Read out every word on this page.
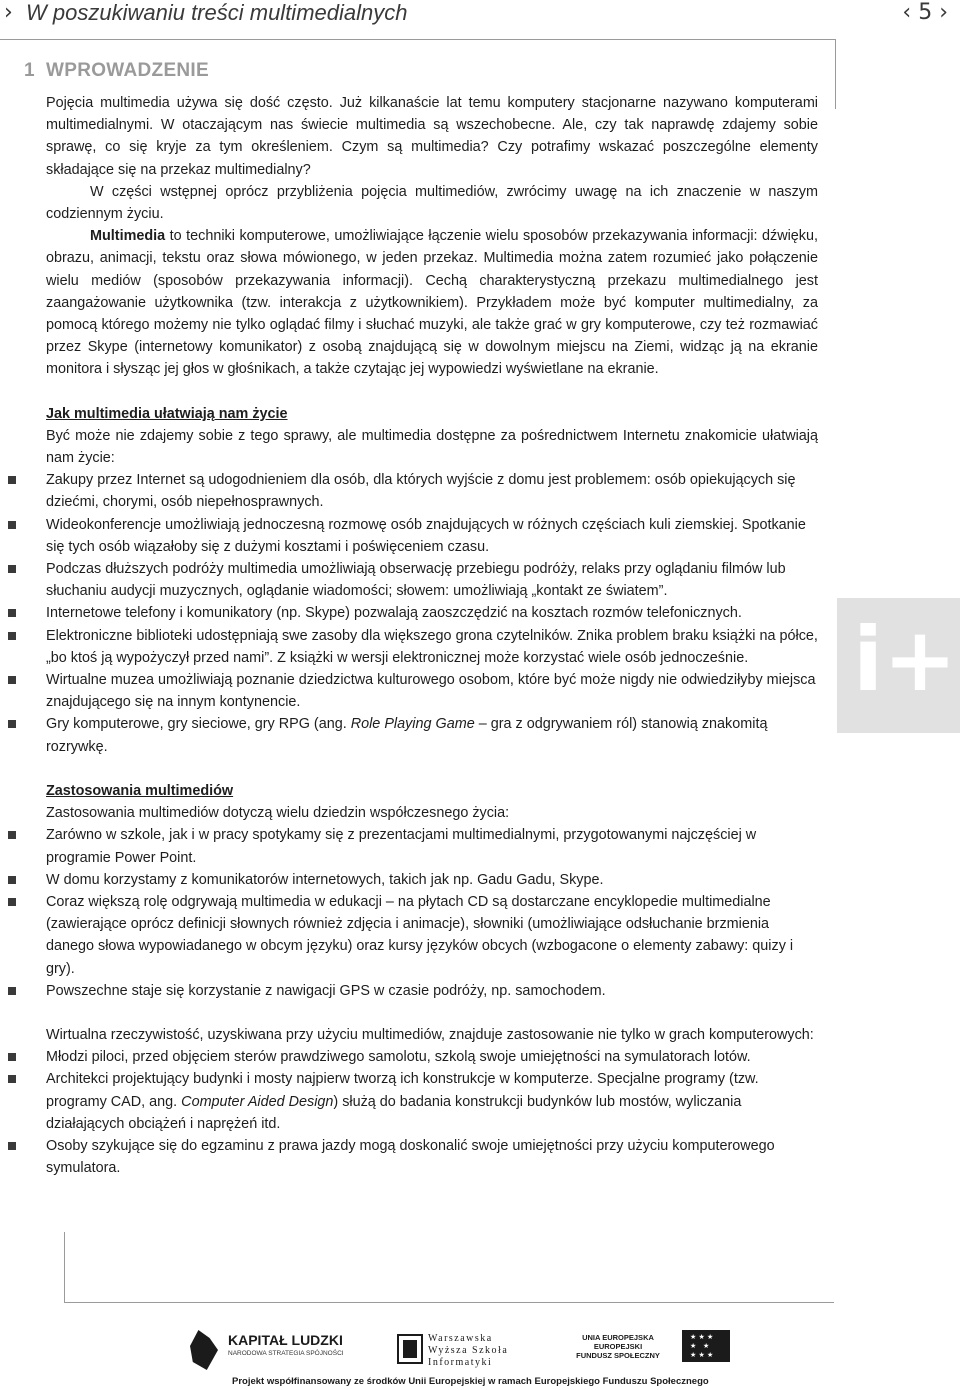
› W poszukiwaniu treści multimedialnych	‹ 5 ›
1 WPROWADZENIE

Pojęcia multimedia używa się dość często. Już kilkanaście lat temu komputery stacjonarne nazywano komputerami multimedialnymi. W otaczającym nas świecie multimedia są wszechobecne. Ale, czy tak naprawdę zdajemy sobie sprawę, co się kryje za tym określeniem. Czym są multimedia? Czy potrafimy wskazać poszczególne elementy składające się na przekaz multimedialny?

W części wstępnej oprócz przybliżenia pojęcia multimediów, zwrócimy uwagę na ich znaczenie w naszym codziennym życiu.

Multimedia to techniki komputerowe, umożliwiające łączenie wielu sposobów przekazywania informacji: dźwięku, obrazu, animacji, tekstu oraz słowa mówionego, w jeden przekaz. Multimedia można zatem rozumieć jako połączenie wielu mediów (sposobów przekazywania informacji). Cechą charakterystyczną przekazu multimedialnego jest zaangażowanie użytkownika (tzw. interakcja z użytkownikiem). Przykładem może być komputer multimedialny, za pomocą którego możemy nie tylko oglądać filmy i słuchać muzyki, ale także grać w gry komputerowe, czy też rozmawiać przez Skype (internetowy komunikator) z osobą znajdującą się w dowolnym miejscu na Ziemi, widząc ją na ekranie monitora i słysząc jej głos w głośnikach, a także czytając jej wypowiedzi wyświetlane na ekranie.

Jak multimedia ułatwiają nam życie

Być może nie zdajemy sobie z tego sprawy, ale multimedia dostępne za pośrednictwem Internetu znakomicie ułatwiają nam życie:

Zakupy przez Internet są udogodnieniem dla osób, dla których wyjście z domu jest problemem: osób opiekujących się dziećmi, chorymi, osób niepełnosprawnych.
Wideokonferencje umożliwiają jednoczesną rozmowę osób znajdujących w różnych częściach kuli ziemskiej. Spotkanie się tych osób wiązałoby się z dużymi kosztami i poświęceniem czasu.
Podczas dłuższych podróży multimedia umożliwiają obserwację przebiegu podróży, relaks przy oglądaniu filmów lub słuchaniu audycji muzycznych, oglądanie wiadomości; słowem: umożliwiają „kontakt ze światem”.
Internetowe telefony i komunikatory (np. Skype) pozwalają zaoszczędzić na kosztach rozmów telefonicznych.
Elektroniczne biblioteki udostępniają swe zasoby dla większego grona czytelników. Znika problem braku książki na półce, „bo ktoś ją wypożyczył przed nami”. Z książki w wersji elektronicznej może korzystać wiele osób jednocześnie.
Wirtualne muzea umożliwiają poznanie dziedzictwa kulturowego osobom, które być może nigdy nie odwiedziłyby miejsca znajdującego się na innym kontynencie.
Gry komputerowe, gry sieciowe, gry RPG (ang. Role Playing Game – gra z odgrywaniem ról) stanowią znakomitą rozrywkę.

Zastosowania multimediów

Zastosowania multimediów dotyczą wielu dziedzin współczesnego życia:

Zarówno w szkole, jak i w pracy spotykamy się z prezentacjami multimedialnymi, przygotowanymi najczęściej w programie Power Point.
W domu korzystamy z komunikatorów internetowych, takich jak np. Gadu Gadu, Skype.
Coraz większą rolę odgrywają multimedia w edukacji – na płytach CD są dostarczane encyklopedie multimedialne (zawierające oprócz definicji słownych również zdjęcia i animacje), słowniki (umożliwiające odsłuchanie brzmienia danego słowa wypowiadanego w obcym języku) oraz kursy języków obcych (wzbogacone o elementy zabawy: quizy i gry).
Powszechne staje się korzystanie z nawigacji GPS w czasie podróży, np. samochodem.

Wirtualna rzeczywistość, uzyskiwana przy użyciu multimediów, znajduje zastosowanie nie tylko w grach komputerowych:

Młodzi piloci, przed objęciem sterów prawdziwego samolotu, szkolą swoje umiejętności na symulatorach lotów.
Architekci projektujący budynki i mosty najpierw tworzą ich konstrukcje w komputerze. Specjalne programy (tzw. programy CAD, ang. Computer Aided Design) służą do badania konstrukcji budynków lub mostów, wyliczania działających obciążeń i naprężeń itd.
Osoby szykujące się do egzaminu z prawa jazdy mogą doskonalić swoje umiejętności przy użyciu komputerowego symulatora.
i+
KAPITAŁ LUDZKI
NARODOWA STRATEGIA SPÓJNOŚCI
Warszawska
Wyższa Szkoła
Informatyki
UNIA EUROPEJSKA
EUROPEJSKI
FUNDUSZ SPOŁECZNY
★ ★ ★ ★ ★ ★ ★ ★
Projekt współfinansowany ze środków Unii Europejskiej w ramach Europejskiego Funduszu Społecznego
